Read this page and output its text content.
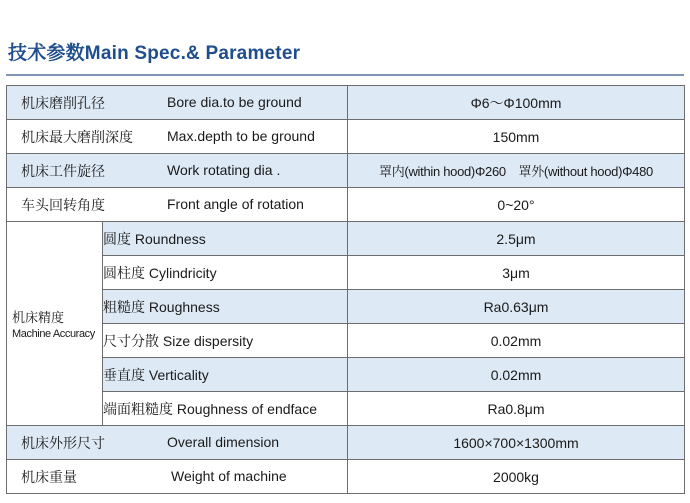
技术参数Main Spec.& Parameter
机床磨削孔径 Bore dia.to be ground		Φ6～Φ100mm
机床最大磨削深度 Max.depth to be ground		150mm
机床工件旋径 Work rotating dia .		罩内(within hood)Φ260　罩外(without hood)Φ480
车头回转角度 Front angle of rotation		0~20°

机床精度
Machine Accuracy	圆度 Roundness	2.5μm
	圆柱度 Cylindricity	3μm
	粗糙度 Roughness	Ra0.63μm
	尺寸分散 Size dispersity	0.02mm
	垂直度 Verticality	0.02mm
	端面粗糙度 Roughness of endface	Ra0.8μm
机床外形尺寸 Overall dimension		1600×700×1300mm
机床重量 Weight of machine		2000kg
